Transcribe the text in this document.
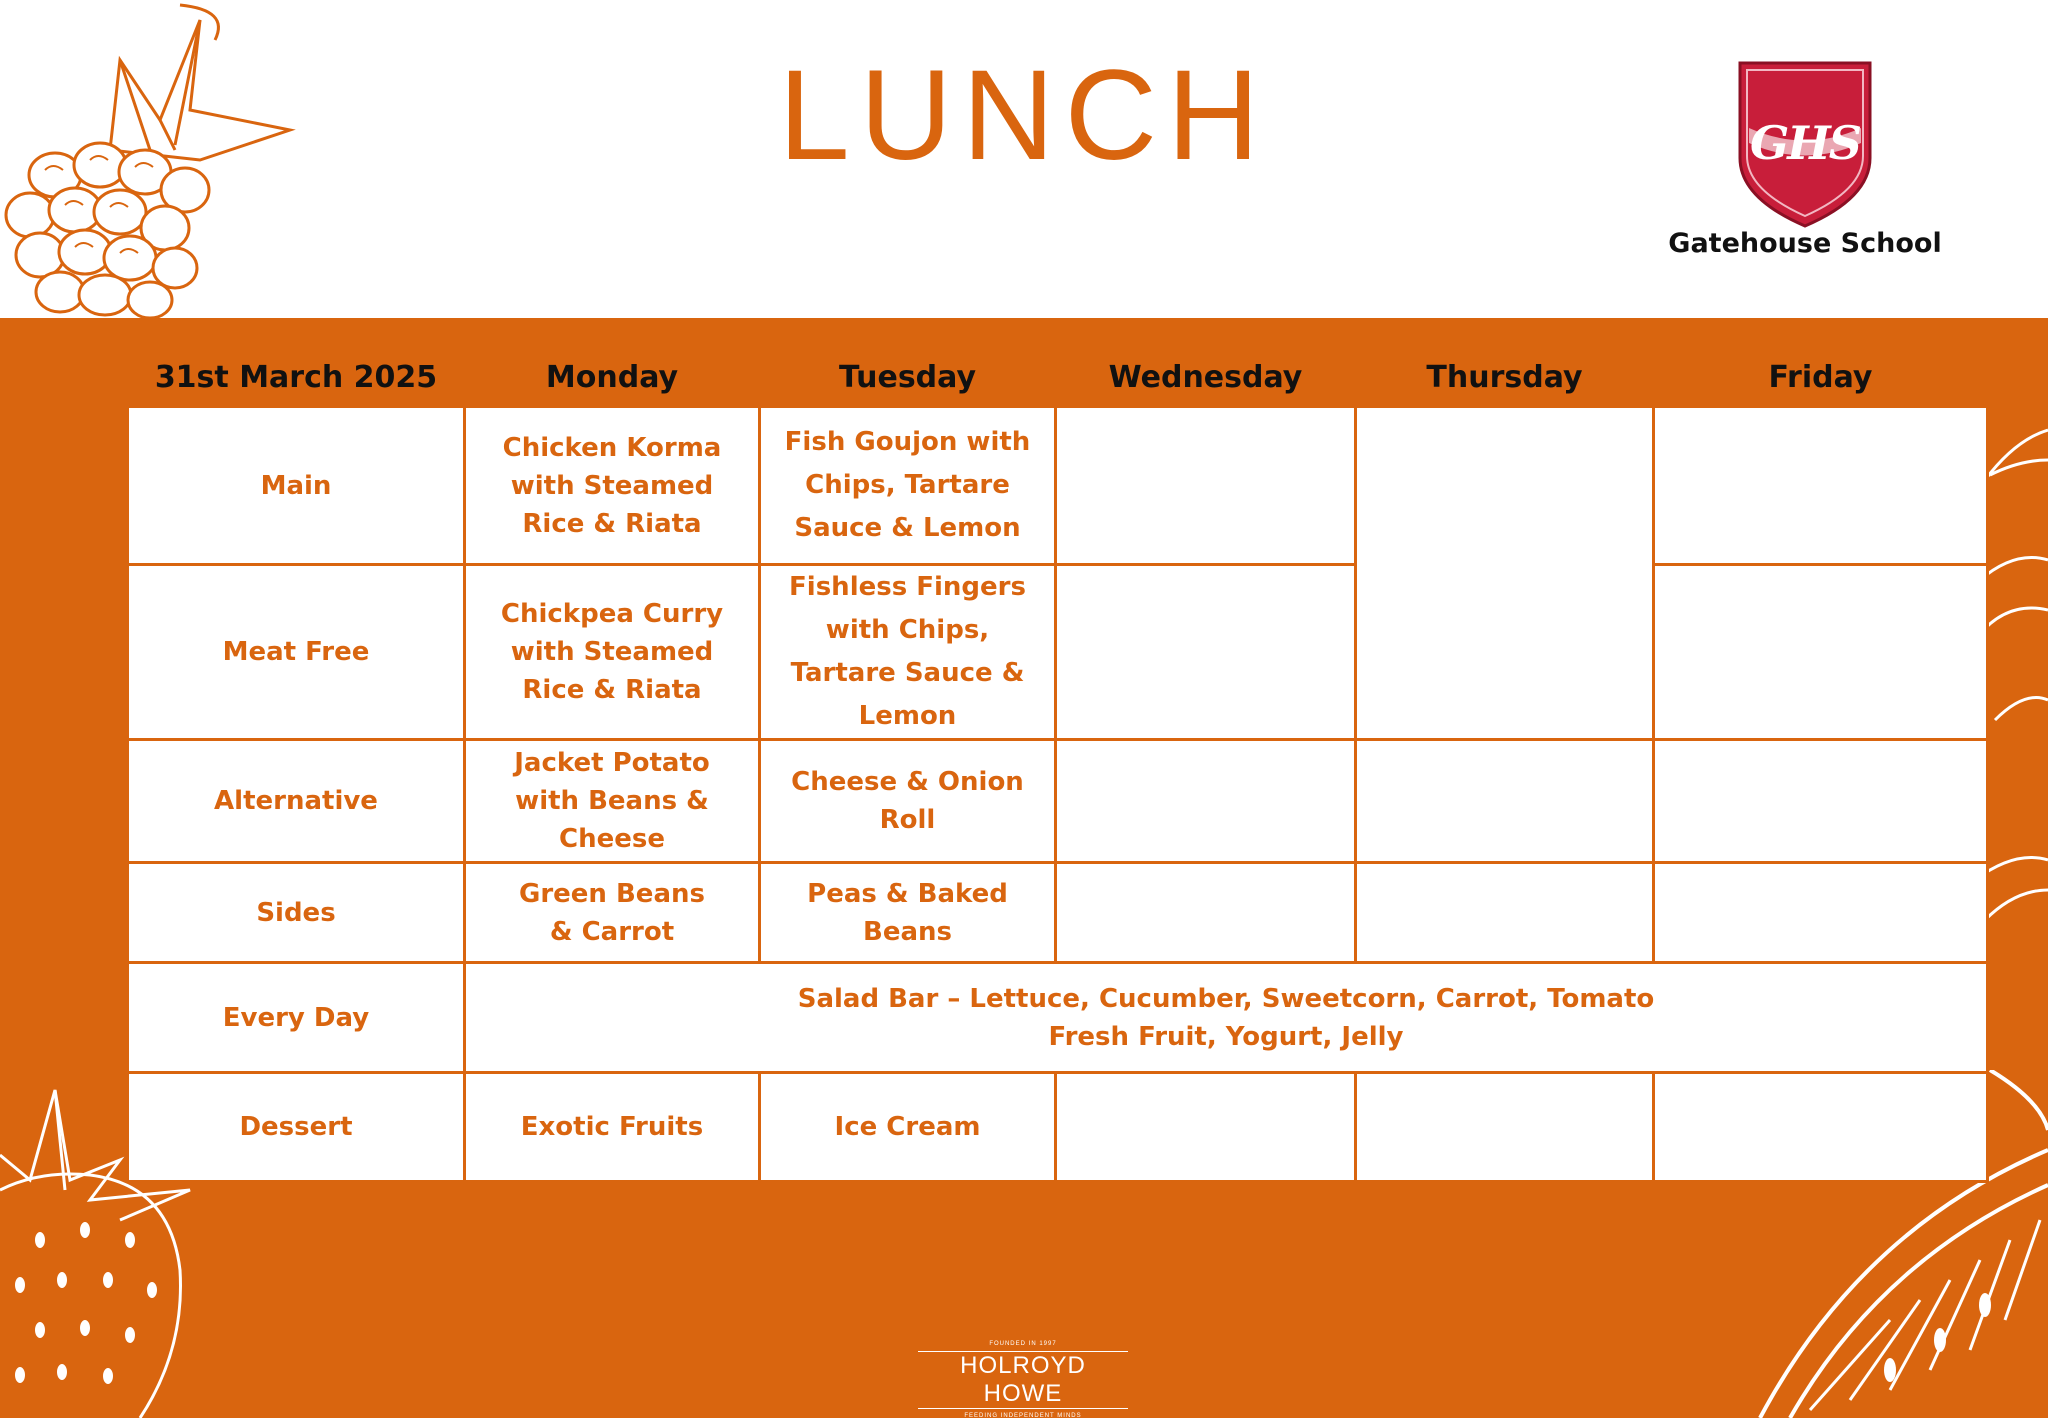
LUNCH	GHS
Gatehouse School
31st March 2025	Monday	Tuesday	Wednesday	Thursday	Friday
Main	Chicken Korma with Steamed Rice & Riata	Fish Goujon with Chips, Tartare Sauce & Lemon			
Meat Free	Chickpea Curry with Steamed Rice & Riata	Fishless Fingers with Chips, Tartare Sauce & Lemon			
Alternative	Jacket Potato with Beans & Cheese	Cheese & Onion Roll			
Sides	Green Beans & Carrot	Peas & Baked Beans			
Every Day	Salad Bar – Lettuce, Cucumber, Sweetcorn, Carrot, Tomato
Fresh Fruit, Yogurt, Jelly				

Dessert	Exotic Fruits	Ice Cream			
FOUNDED IN 1997
HOLROYD HOWE
FEEDING INDEPENDENT MINDS
